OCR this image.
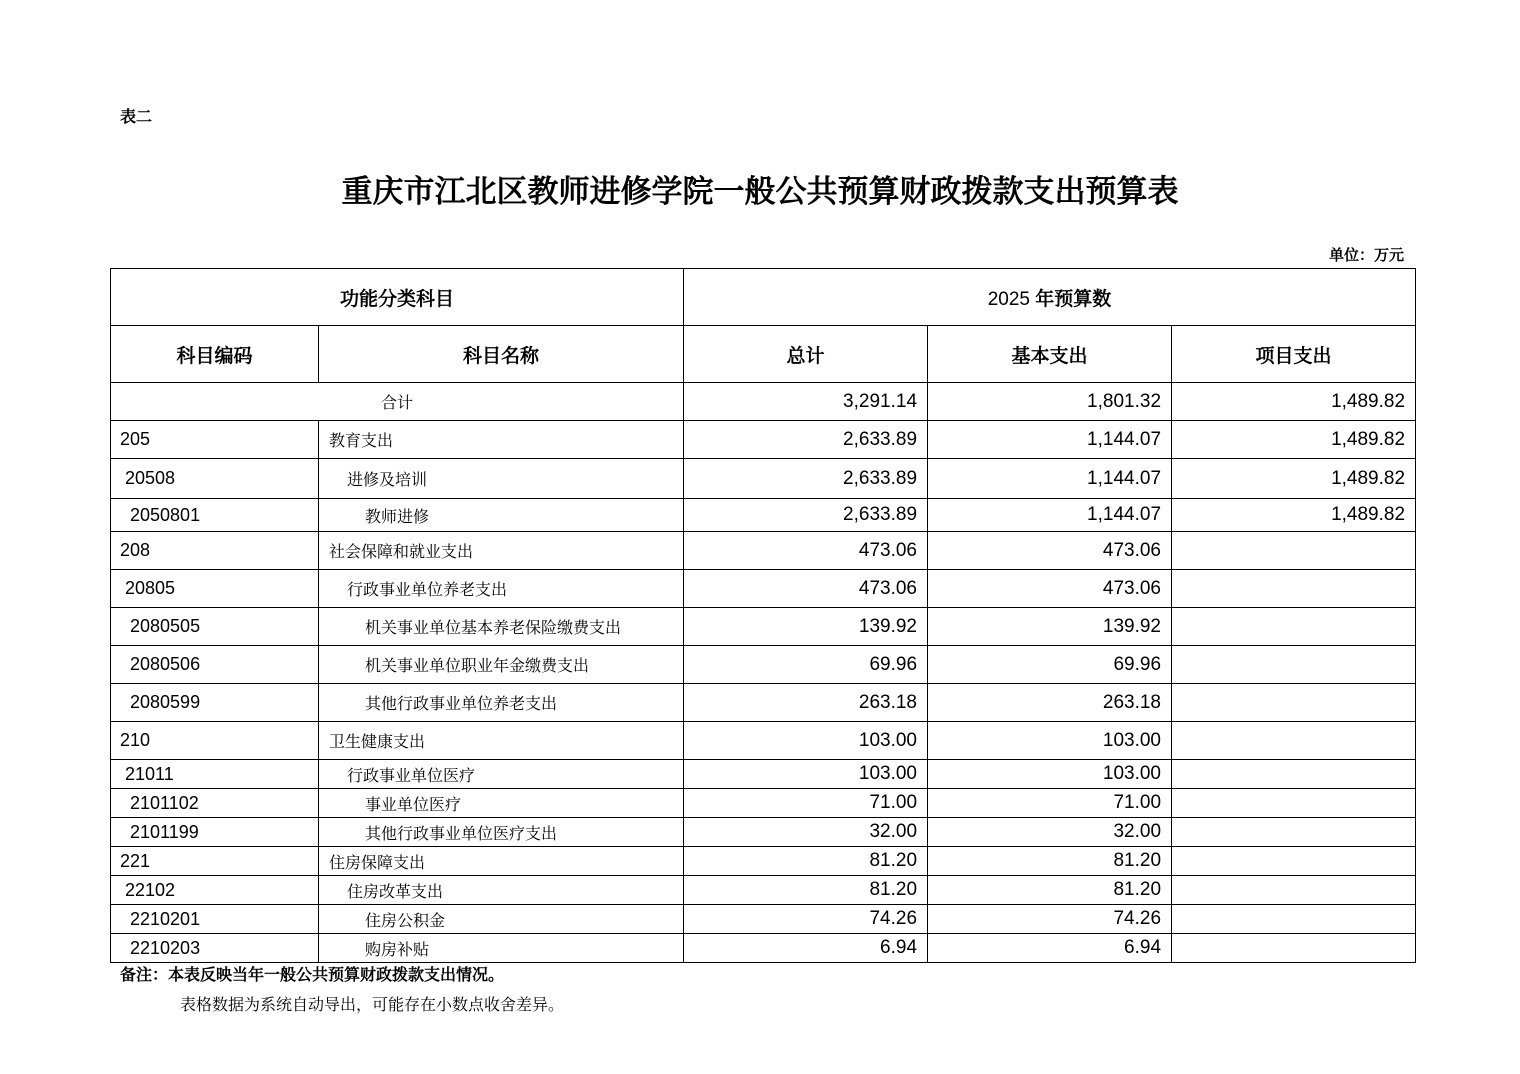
表二
重庆市江北区教师进修学院一般公共预算财政拨款支出预算表
单位：万元
功能分类科目		2025 年预算数		
科目编码	科目名称	总计	基本支出	项目支出
合计		3,291.14	1,801.32	1,489.82
205	教育支出	2,633.89	1,144.07	1,489.82
20508	进修及培训	2,633.89	1,144.07	1,489.82
2050801	教师进修	2,633.89	1,144.07	1,489.82
208	社会保障和就业支出	473.06	473.06	
20805	行政事业单位养老支出	473.06	473.06	
2080505	机关事业单位基本养老保险缴费支出	139.92	139.92	
2080506	机关事业单位职业年金缴费支出	69.96	69.96	
2080599	其他行政事业单位养老支出	263.18	263.18	
210	卫生健康支出	103.00	103.00	
21011	行政事业单位医疗	103.00	103.00	
2101102	事业单位医疗	71.00	71.00	
2101199	其他行政事业单位医疗支出	32.00	32.00	
221	住房保障支出	81.20	81.20	
22102	住房改革支出	81.20	81.20	
2210201	住房公积金	74.26	74.26	
2210203	购房补贴	6.94	6.94	
备注：本表反映当年一般公共预算财政拨款支出情况。
表格数据为系统自动导出，可能存在小数点收舍差异。
